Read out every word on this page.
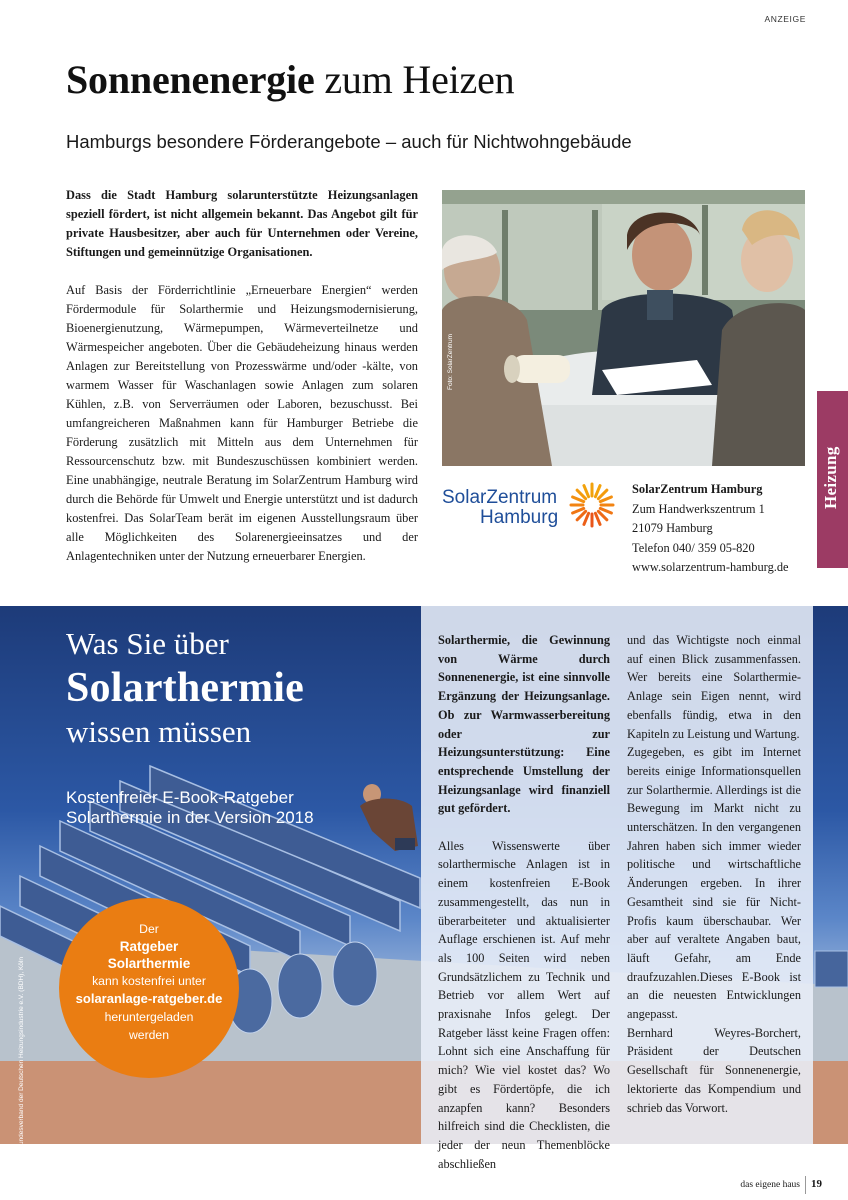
ANZEIGE
Sonnenenergie zum Heizen
Hamburgs besondere Förderangebote – auch für Nichtwohngebäude

Dass die Stadt Hamburg solarunterstützte Heizungsanlagen speziell fördert, ist nicht allgemein bekannt. Das Angebot gilt für private Hausbesitzer, aber auch für Unternehmen oder Vereine, Stiftungen und gemeinnützige Organisationen.

Auf Basis der Förderrichtlinie „Erneuerbare Energien“ werden Fördermodule für Solarthermie und Heizungsmodernisierung, Bioenergienutzung, Wärmepumpen, Wärmeverteilnetze und Wärmespeicher angeboten. Über die Gebäudeheizung hinaus werden Anlagen zur Bereitstellung von Prozesswärme und/oder -kälte, von warmem Wasser für Waschanlagen sowie Anlagen zum solaren Kühlen, z.B. von Serverräumen oder Laboren, bezuschusst. Bei umfangreicheren Maßnahmen kann für Hamburger Betriebe die Förderung zusätzlich mit Mitteln aus dem Unternehmen für Ressourcenschutz bzw. mit Bundeszuschüssen kombiniert werden. Eine unabhängige, neutrale Beratung im SolarZentrum Hamburg wird durch die Behörde für Umwelt und Energie unterstützt und ist dadurch kostenfrei. Das SolarTeam berät im eigenen Ausstellungsraum über alle Möglichkeiten des Solarenergieeinsatzes und der Anlagentechniken unter der Nutzung erneuerbarer Energien.

Foto: SolarZentrum
SolarZentrum
Hamburg
SolarZentrum Hamburg
Zum Handwerkszentrum 1
21079 Hamburg
Telefon 040/ 359 05-820
www.solarzentrum-hamburg.de
Heizung
Was Sie über
Solarthermie
wissen müssen
Kostenfreier E-Book-Ratgeber
Solarthermie in der Version 2018
Foto: Bundesverband der Deutschen Heizungsindustrie e.V. (BDH), Köln
Der
Ratgeber
Solarthermie
kann kostenfrei unter
solaranlage-ratgeber.de
heruntergeladen
werden

Solarthermie, die Gewinnung von Wärme durch Sonnenenergie, ist eine sinnvolle Ergänzung der Heizungsanlage. Ob zur Warmwasserbereitung oder zur Heizungsunterstützung: Eine entsprechende Umstellung der Heizungsanlage wird finanziell gut gefördert.

Alles Wissenswerte über solarthermische Anlagen ist in einem kostenfreien E-Book zusammengestellt, das nun in überarbeiteter und aktualisierter Auflage erschienen ist. Auf mehr als 100 Seiten wird neben Grundsätzlichem zu Technik und Betrieb vor allem Wert auf praxisnahe Infos gelegt. Der Ratgeber lässt keine Fragen offen: Lohnt sich eine Anschaffung für mich? Wie viel kostet das? Wo gibt es Fördertöpfe, die ich anzapfen kann? Besonders hilfreich sind die Checklisten, die jeder der neun Themenblöcke abschließen

und das Wichtigste noch einmal auf einen Blick zusammenfassen. Wer bereits eine Solarthermie-Anlage sein Eigen nennt, wird ebenfalls fündig, etwa in den Kapiteln zu Leistung und Wartung.

Zugegeben, es gibt im Internet bereits einige Informationsquellen zur Solarthermie. Allerdings ist die Bewegung im Markt nicht zu unterschätzen. In den vergangenen Jahren haben sich immer wieder politische und wirtschaftliche Änderungen ergeben. In ihrer Gesamtheit sind sie für Nicht-Profis kaum überschaubar. Wer aber auf veraltete Angaben baut, läuft Gefahr, am Ende draufzuzahlen.Dieses E-Book ist an die neuesten Entwicklungen angepasst.

Bernhard Weyres-Borchert, Präsident der Deutschen Gesellschaft für Sonnenenergie, lektorierte das Kompendium und schrieb das Vorwort.

das eigene haus 19
